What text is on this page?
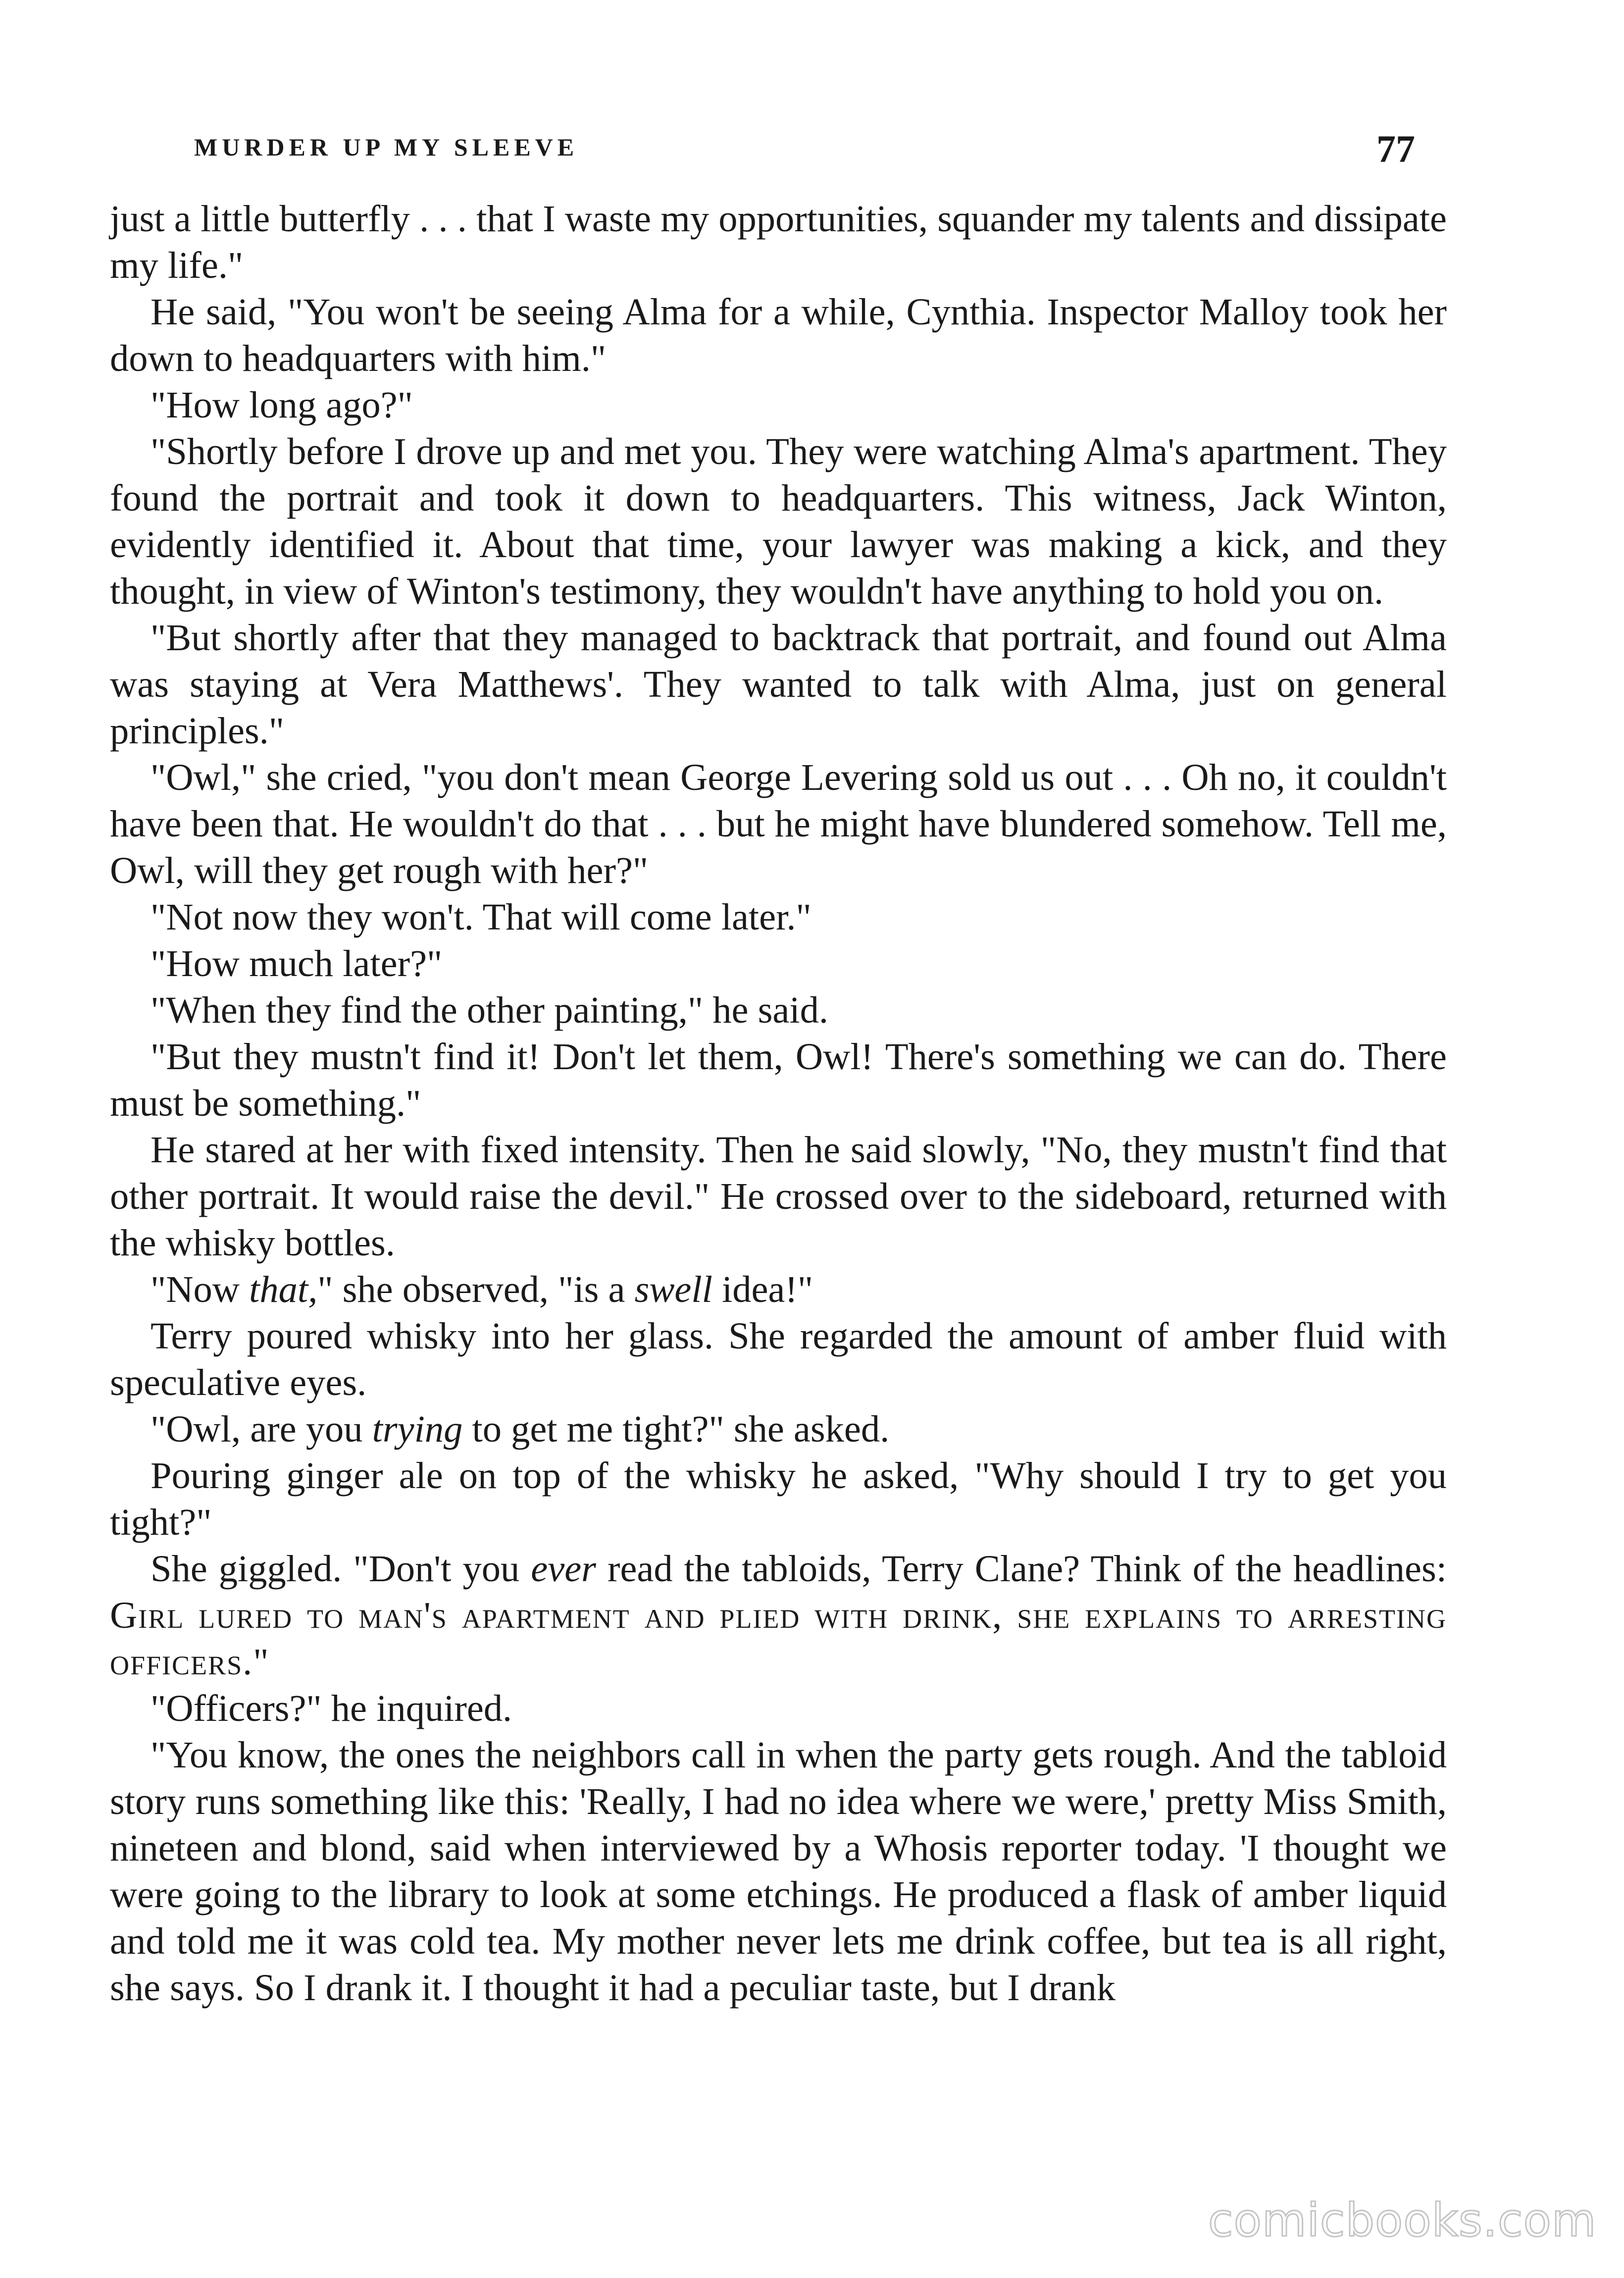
MURDER UP MY SLEEVE	77

just a little butterfly . . . that I waste my opportunities, squander my talents and dissipate my life."

He said, "You won't be seeing Alma for a while, Cynthia. Inspector Malloy took her down to headquarters with him."

"How long ago?"

"Shortly before I drove up and met you. They were watching Alma's apartment. They found the portrait and took it down to headquarters. This witness, Jack Winton, evidently identified it. About that time, your lawyer was making a kick, and they thought, in view of Winton's testimony, they wouldn't have anything to hold you on.

"But shortly after that they managed to backtrack that portrait, and found out Alma was staying at Vera Matthews'. They wanted to talk with Alma, just on general principles."

"Owl," she cried, "you don't mean George Levering sold us out . . . Oh no, it couldn't have been that. He wouldn't do that . . . but he might have blundered somehow. Tell me, Owl, will they get rough with her?"

"Not now they won't. That will come later."

"How much later?"

"When they find the other painting," he said.

"But they mustn't find it! Don't let them, Owl! There's something we can do. There must be something."

He stared at her with fixed intensity. Then he said slowly, "No, they mustn't find that other portrait. It would raise the devil." He crossed over to the sideboard, returned with the whisky bottles.

"Now that," she observed, "is a swell idea!"

Terry poured whisky into her glass. She regarded the amount of amber fluid with speculative eyes.

"Owl, are you trying to get me tight?" she asked.

Pouring ginger ale on top of the whisky he asked, "Why should I try to get you tight?"

She giggled. "Don't you ever read the tabloids, Terry Clane? Think of the headlines: Girl lured to man's apartment and plied with drink, she explains to arresting officers."

"Officers?" he inquired.

"You know, the ones the neighbors call in when the party gets rough. And the tabloid story runs something like this: 'Really, I had no idea where we were,' pretty Miss Smith, nineteen and blond, said when interviewed by a Whosis reporter today. 'I thought we were going to the library to look at some etchings. He produced a flask of amber liquid and told me it was cold tea. My mother never lets me drink coffee, but tea is all right, she says. So I drank it. I thought it had a peculiar taste, but I drank

comicbooks.com
